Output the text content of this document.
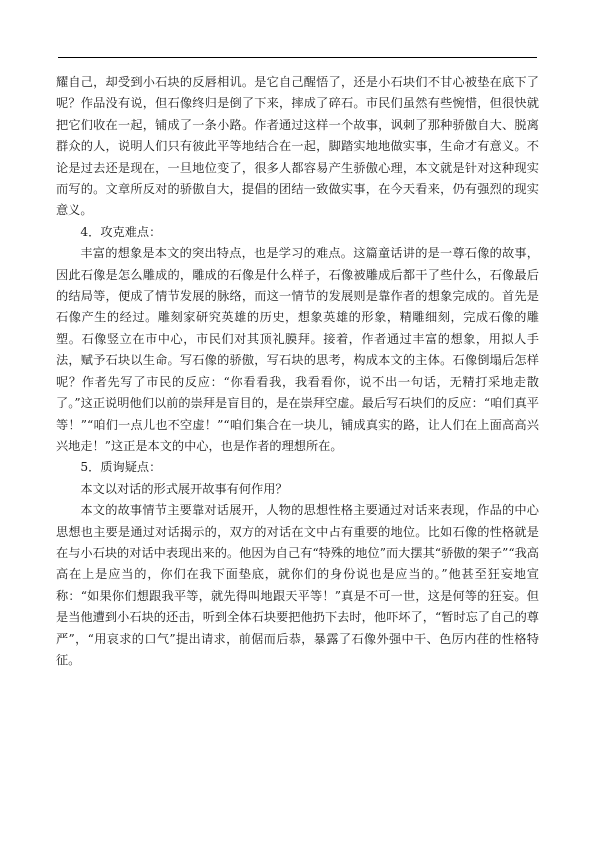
耀自己，却受到小石块的反唇相讥。是它自己醒悟了，还是小石块们不甘心被垫在底下了呢？作品没有说，但石像终归是倒了下来，摔成了碎石。市民们虽然有些惋惜，但很快就把它们收在一起，铺成了一条小路。作者通过这样一个故事，讽刺了那种骄傲自大、脱离群众的人，说明人们只有彼此平等地结合在一起，脚踏实地地做实事，生命才有意义。不论是过去还是现在，一旦地位变了，很多人都容易产生骄傲心理，本文就是针对这种现实而写的。文章所反对的骄傲自大，提倡的团结一致做实事，在今天看来，仍有强烈的现实意义。

4．攻克难点：

丰富的想象是本文的突出特点，也是学习的难点。这篇童话讲的是一尊石像的故事，因此石像是怎么雕成的，雕成的石像是什么样子，石像被雕成后都干了些什么，石像最后的结局等，便成了情节发展的脉络，而这一情节的发展则是靠作者的想象完成的。首先是石像产生的经过。雕刻家研究英雄的历史，想象英雄的形象，精雕细刻，完成石像的雕塑。石像竖立在市中心，市民们对其顶礼膜拜。接着，作者通过丰富的想象，用拟人手法，赋予石块以生命。写石像的骄傲，写石块的思考，构成本文的主体。石像倒塌后怎样呢？作者先写了市民的反应：“你看看我，我看看你，说不出一句话，无精打采地走散了。”这正说明他们以前的崇拜是盲目的，是在崇拜空虚。最后写石块们的反应：“咱们真平等！”“咱们一点儿也不空虚！”“咱们集合在一块儿，铺成真实的路，让人们在上面高高兴兴地走！”这正是本文的中心，也是作者的理想所在。

5．质询疑点：

本文以对话的形式展开故事有何作用？

本文的故事情节主要靠对话展开，人物的思想性格主要通过对话来表现，作品的中心思想也主要是通过对话揭示的，双方的对话在文中占有重要的地位。比如石像的性格就是在与小石块的对话中表现出来的。他因为自己有“特殊的地位”而大摆其“骄傲的架子”“我高高在上是应当的，你们在我下面垫底，就你们的身份说也是应当的。”他甚至狂妄地宣称：“如果你们想跟我平等，就先得叫地跟天平等！”真是不可一世，这是何等的狂妄。但是当他遭到小石块的还击，听到全体石块要把他扔下去时，他吓坏了，“暂时忘了自己的尊严”，“用哀求的口气”提出请求，前倨而后恭，暴露了石像外强中干、色厉内荏的性格特征。
